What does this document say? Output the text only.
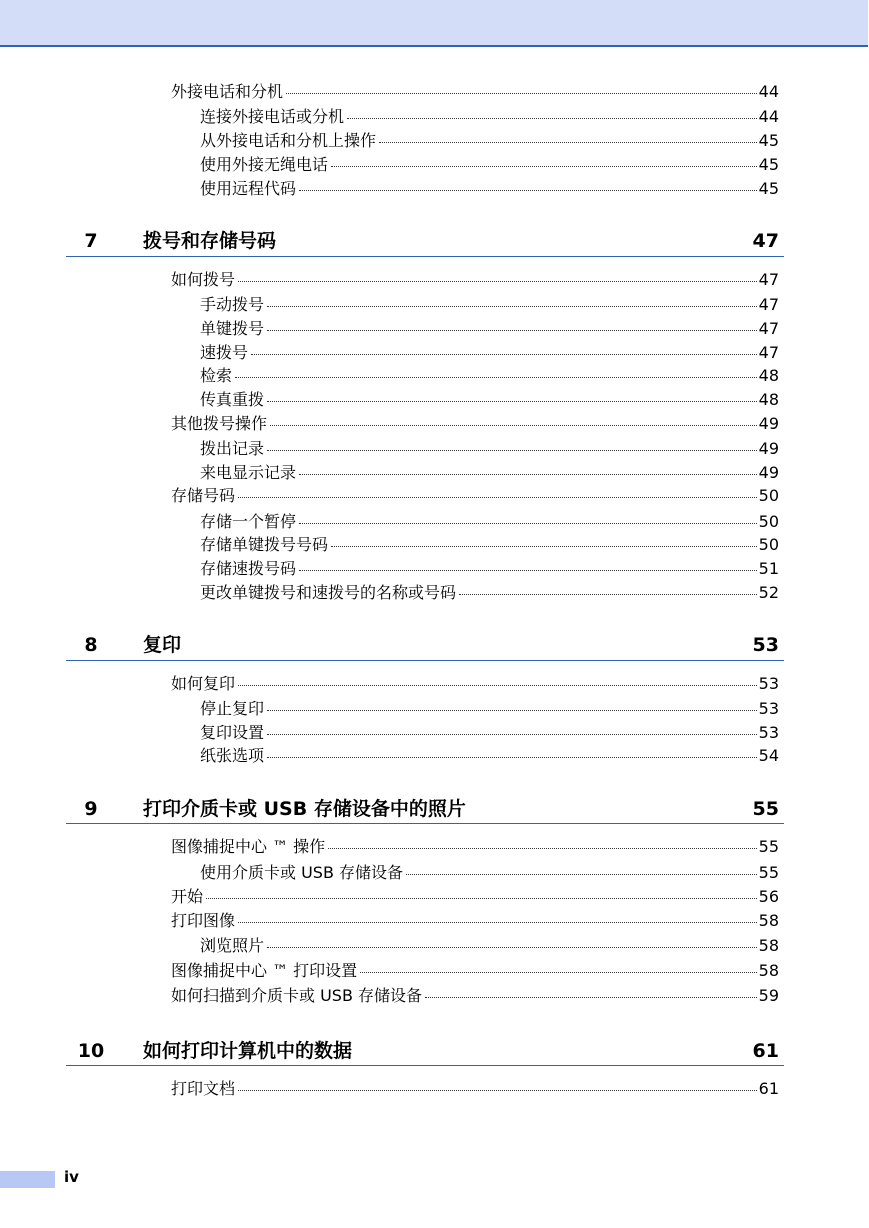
外接电话和分机	44
连接外接电话或分机	44
从外接电话和分机上操作	45
使用外接无绳电话	45
使用远程代码	45
7	拨号和存储号码	47
如何拨号	47
手动拨号	47
单键拨号	47
速拨号	47
检索	48
传真重拨	48
其他拨号操作	49
拨出记录	49
来电显示记录	49
存储号码	50
存储一个暂停	50
存储单键拨号号码	50
存储速拨号码	51
更改单键拨号和速拨号的名称或号码	52
8	复印	53
如何复印	53
停止复印	53
复印设置	53
纸张选项	54
9	打印介质卡或 USB 存储设备中的照片	55
图像捕捉中心 ™ 操作	55
使用介质卡或 USB 存储设备	55
开始	56
打印图像	58
浏览照片	58
图像捕捉中心 ™ 打印设置	58
如何扫描到介质卡或 USB 存储设备	59
10	如何打印计算机中的数据	61
打印文档	61
iv
